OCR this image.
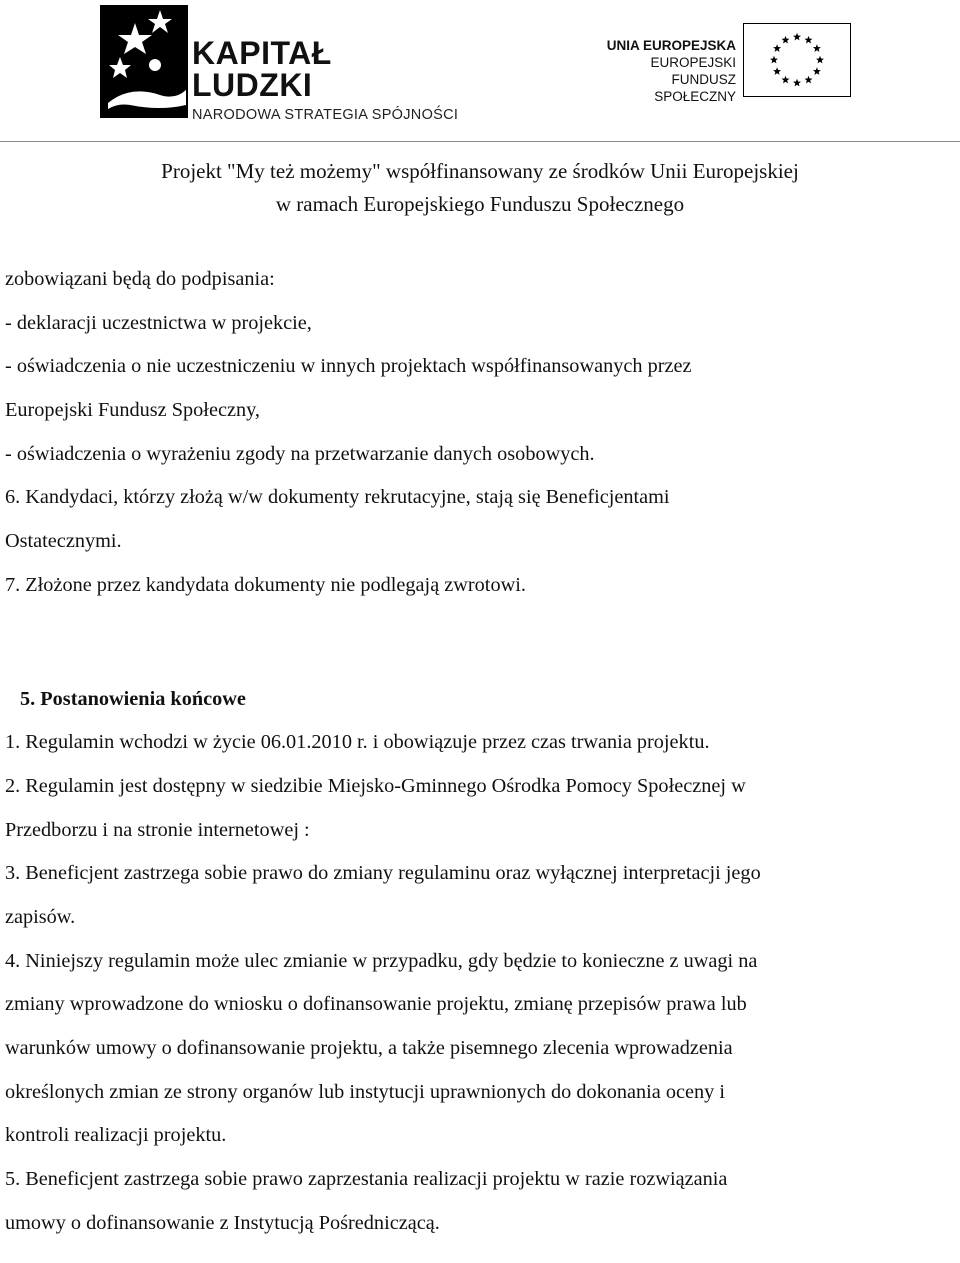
KAPITAŁ LUDZKI
NARODOWA STRATEGIA SPÓJNOŚCI
UNIA EUROPEJSKA
EUROPEJSKI
FUNDUSZ SPOŁECZNY
Projekt "My też możemy" współfinansowany ze środków Unii Europejskiej
w ramach Europejskiego Funduszu Społecznego
zobowiązani będą do podpisania:
- deklaracji uczestnictwa w projekcie,
- oświadczenia o nie uczestniczeniu w innych projektach współfinansowanych przez
Europejski Fundusz Społeczny,
- oświadczenia o wyrażeniu zgody na przetwarzanie danych osobowych.
6. Kandydaci, którzy złożą w/w dokumenty rekrutacyjne, stają się Beneficjentami
Ostatecznymi.
7. Złożone przez kandydata dokumenty nie podlegają zwrotowi.
5. Postanowienia końcowe
1. Regulamin wchodzi w życie 06.01.2010 r. i obowiązuje przez czas trwania projektu.
2. Regulamin jest dostępny w siedzibie Miejsko-Gminnego Ośrodka Pomocy Społecznej w
Przedborzu i na stronie internetowej :
3. Beneficjent zastrzega sobie prawo do zmiany regulaminu oraz wyłącznej interpretacji jego
zapisów.
4. Niniejszy regulamin może ulec zmianie w przypadku, gdy będzie to konieczne z uwagi na
zmiany wprowadzone do wniosku o dofinansowanie projektu, zmianę przepisów prawa lub
warunków umowy o dofinansowanie projektu, a także pisemnego zlecenia wprowadzenia
określonych zmian ze strony organów lub instytucji uprawnionych do dokonania oceny i
kontroli realizacji projektu.
5. Beneficjent zastrzega sobie prawo zaprzestania realizacji projektu w razie rozwiązania
umowy o dofinansowanie z Instytucją Pośredniczącą.
